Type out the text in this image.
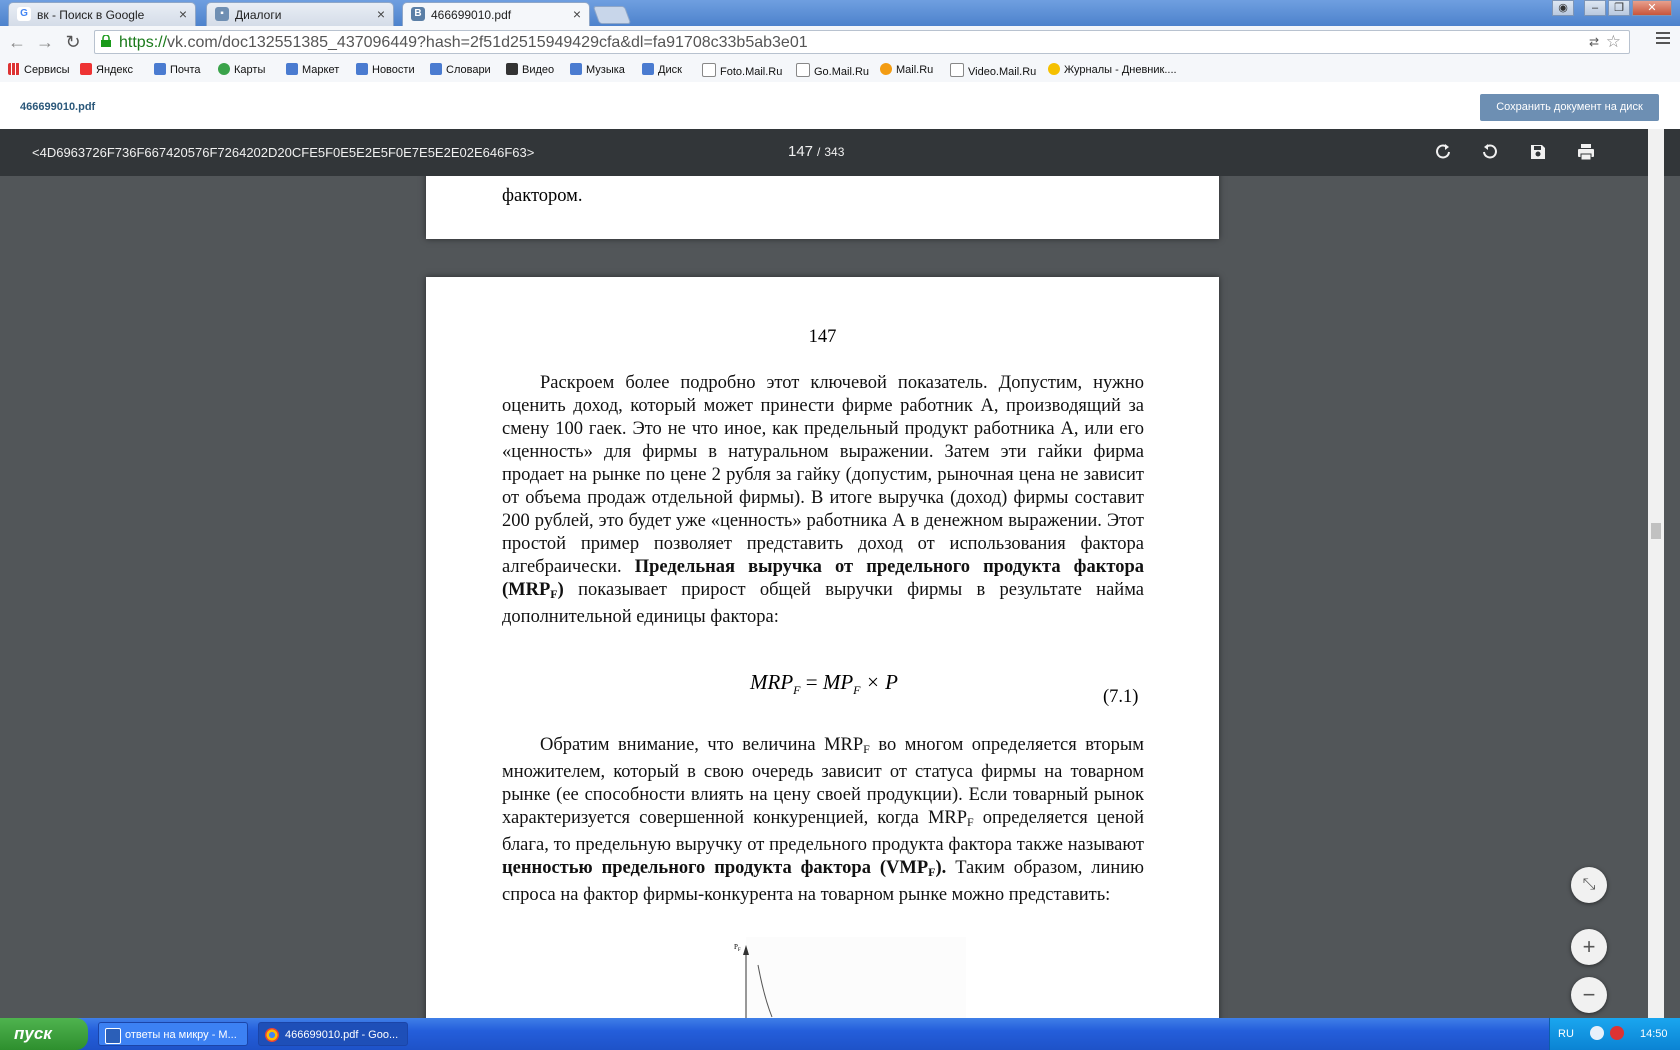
G вк - Поиск в Google	×	▪ Диалоги	×	B 466699010.pdf	×	◉	–	❐	✕
← → ↻ https://vk.com/doc132551385_437096449?hash=2f51d2515949429cfa&dl=fa91708c33b5ab3e01	⇄ ☆
Сервисы	Яндекс	Почта	Карты	Маркет	Новости	Словари	Видео	Музыка	Диск	Foto.Mail.Ru	Go.Mail.Ru	Mail.Ru	Video.Mail.Ru	Журналы - Дневник....
466699010.pdf	Сохранить документ на диск
<4D6963726F736F667420576F7264202D20CFE5F0E5E2E5F0E7E5E2E02E646F63>	147 / 343
фактором.
147
Раскроем более подробно этот ключевой показатель. Допустим, нужно оценить доход, который может принести фирме работник А, производящий за смену 100 гаек. Это не что иное, как предельный продукт работника А, или его «ценность» для фирмы в натуральном выражении. Затем эти гайки фирма продает на рынке по цене 2 рубля за гайку (допустим, рыночная цена не зависит от объема продаж отдельной фирмы). В итоге выручка (доход) фирмы составит 200 рублей, это будет уже «ценность» работника А в денежном выражении. Этот простой пример позволяет представить доход от использования фактора алгебраически. Предельная выручка от предельного продукта фактора $(MRP_F)$ показывает прирост общей выручки фирмы в результате найма дополнительной единицы фактора:
$MRP_F = MP_F \times P$
(7.1)
Обратим внимание, что величина $MRP_F$ во многом определяется вторым множителем, который в свою очередь зависит от статуса фирмы на товарном рынке (ее способности влиять на цену своей продукции). Если товарный рынок характеризуется совершенной конкуренцией, когда $MRP_F$ определяется ценой блага, то предельную выручку от предельного продукта фактора также называют ценностью предельного продукта фактора $(VMP_F)$. Таким образом, линию спроса на фактор фирмы-конкурента на товарном рынке можно представить:
$P_F$
⤡
+
−
пуск	ответы на микру - М...	466699010.pdf - Goo...	RU	14:50
